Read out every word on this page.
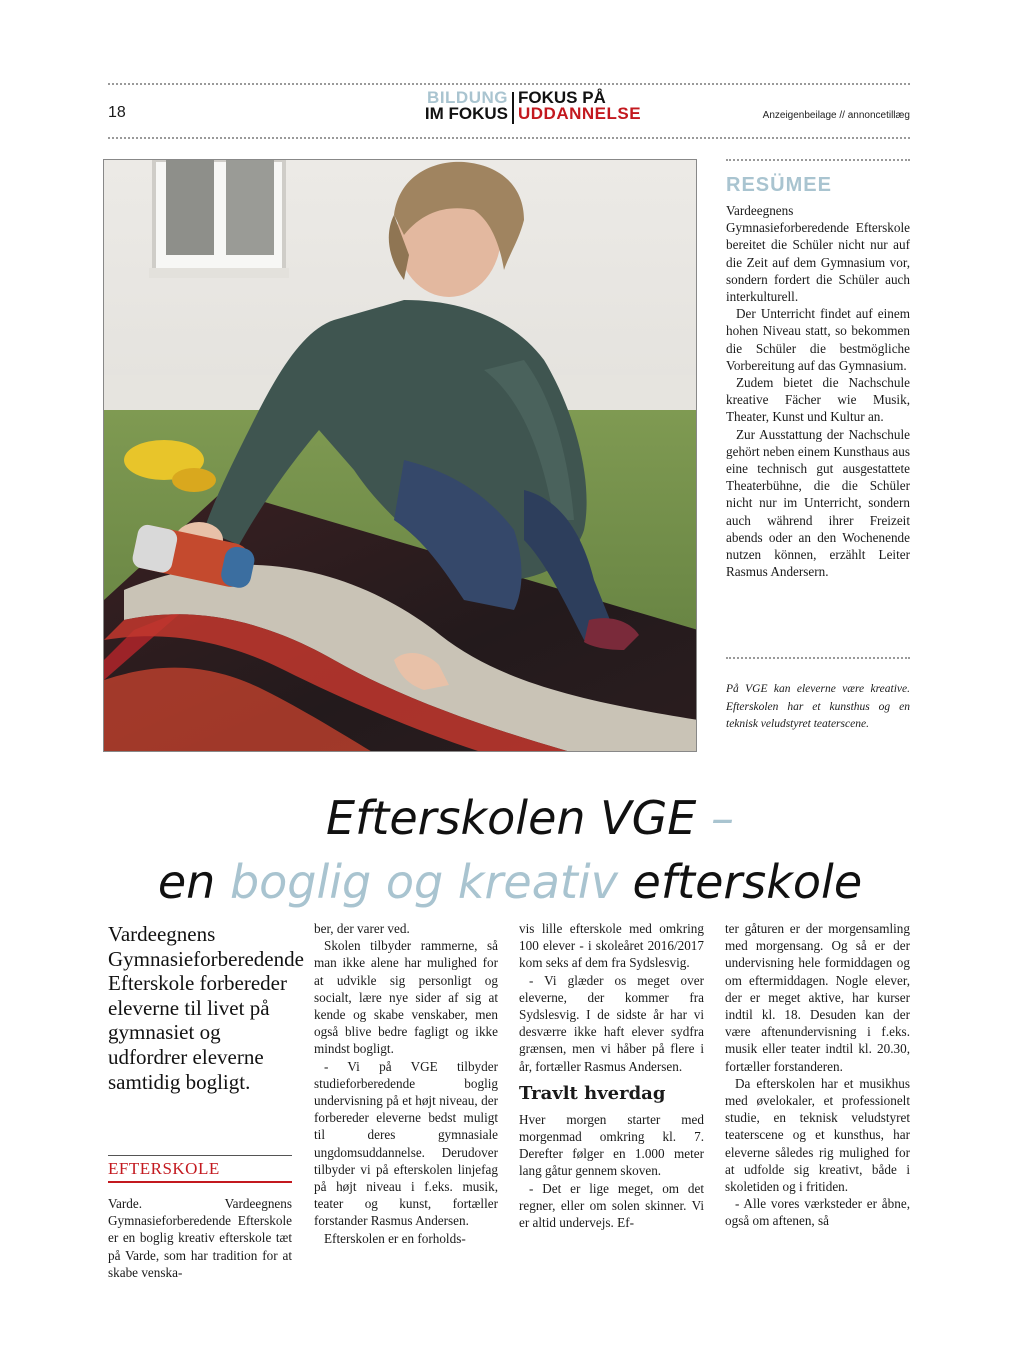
18
BILDUNG
IM FOKUS
FOKUS PÅ
UDDANNELSE	Anzeigenbeilage // annoncetillæg
RESÜMEE

Vardeegnens Gymnasieforberedende Efterskole bereitet die Schüler nicht nur auf die Zeit auf dem Gymnasium vor, sondern fordert die Schüler auch interkulturell.

Der Unterricht findet auf einem hohen Niveau statt, so bekommen die Schüler die bestmögliche Vorbereitung auf das Gymnasium.

Zudem bietet die Nachschule kreative Fächer wie Musik, Theater, Kunst und Kultur an.

Zur Ausstattung der Nachschule gehört neben einem Kunsthaus aus eine technisch gut ausgestattete Theaterbühne, die die Schüler nicht nur im Unterricht, sondern auch während ihrer Freizeit abends oder an den Wochenende nutzen können, erzählt Leiter Rasmus Andersern.

På VGE kan eleverne være kreative. Efterskolen har et kunsthus og en teknisk veludstyret teaterscene.
Efterskolen VGE –
en boglig og kreativ efterskole
Vardeegnens Gymnasieforberedende Efterskole forbereder eleverne til livet på gymnasiet og udfordrer eleverne samtidig bogligt.
EFTERSKOLE

Varde. Vardeegnens Gymnasieforberedende Efterskole er en boglig kreativ efterskole tæt på Varde, som har tradition for at skabe venska-

ber, der varer ved.

Skolen tilbyder rammerne, så man ikke alene har mulighed for at udvikle sig personligt og socialt, lære nye sider af sig at kende og skabe venskaber, men også blive bedre fagligt og ikke mindst bogligt.

- Vi på VGE tilbyder studieforberedende boglig undervisning på et højt niveau, der forbereder eleverne bedst muligt til deres gymnasiale ungdomsuddannelse. Derudover tilbyder vi på efterskolen linjefag på højt niveau i f.eks. musik, teater og kunst, fortæller forstander Rasmus Andersen.

Efterskolen er en forholds-

vis lille efterskole med omkring 100 elever - i skoleåret 2016/2017 kom seks af dem fra Sydslesvig.

- Vi glæder os meget over eleverne, der kommer fra Sydslesvig. I de sidste år har vi desværre ikke haft elever sydfra grænsen, men vi håber på flere i år, fortæller Rasmus Andersen.

Travlt hverdag

Hver morgen starter med morgenmad omkring kl. 7. Derefter følger en 1.000 meter lang gåtur gennem skoven.

- Det er lige meget, om det regner, eller om solen skinner. Vi er altid undervejs. Ef-

ter gåturen er der morgensamling med morgensang. Og så er der undervisning hele formiddagen og om eftermiddagen. Nogle elever, der er meget aktive, har kurser indtil kl. 18. Desuden kan der være aftenundervisning i f.eks. musik eller teater indtil kl. 20.30, fortæller forstanderen.

Da efterskolen har et musikhus med øvelokaler, et professionelt studie, en teknisk veludstyret teaterscene og et kunsthus, har eleverne således rig mulighed for at udfolde sig kreativt, både i skoletiden og i fritiden.

- Alle vores værksteder er åbne, også om aftenen, så
